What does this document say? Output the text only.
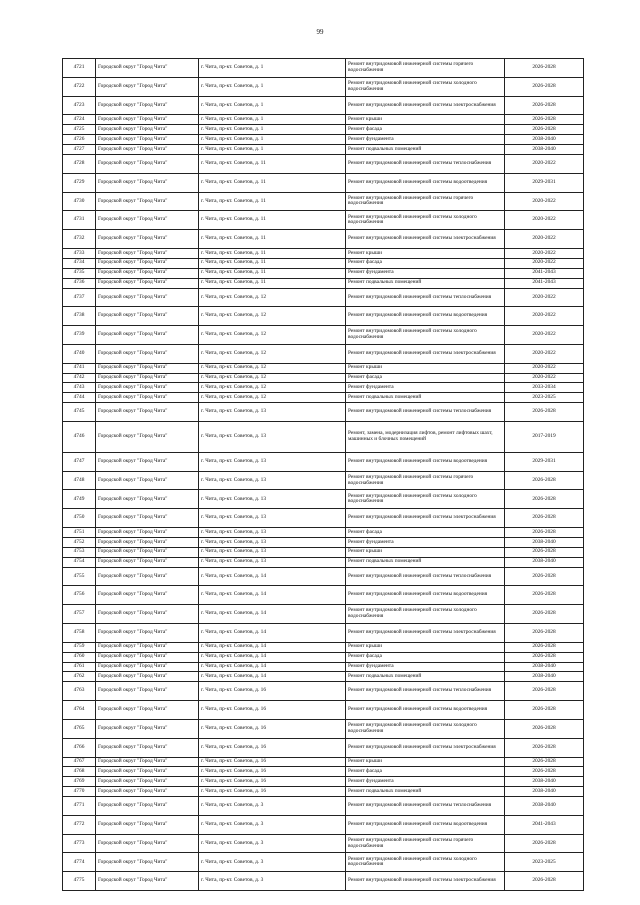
99
4721	Городской округ "Город Чита"	г. Чита, пр-кт. Советов, д. 1	Ремонт внутридомовой инженерной системы горячего водоснабжения	2026-2028
4722	Городской округ "Город Чита"	г. Чита, пр-кт. Советов, д. 1	Ремонт внутридомовой инженерной системы холодного водоснабжения	2026-2028
4723	Городской округ "Город Чита"	г. Чита, пр-кт. Советов, д. 1	Ремонт внутридомовой инженерной системы электроснабжения	2026-2028
4724	Городской округ "Город Чита"	г. Чита, пр-кт. Советов, д. 1	Ремонт крыши	2026-2028
4725	Городской округ "Город Чита"	г. Чита, пр-кт. Советов, д. 1	Ремонт фасада	2026-2028
4726	Городской округ "Город Чита"	г. Чита, пр-кт. Советов, д. 1	Ремонт фундамента	2038-2040
4727	Городской округ "Город Чита"	г. Чита, пр-кт. Советов, д. 1	Ремонт подвальных помещений	2038-2040
4728	Городской округ "Город Чита"	г. Чита, пр-кт. Советов, д. 11	Ремонт внутридомовой инженерной системы теплоснабжения	2020-2022
4729	Городской округ "Город Чита"	г. Чита, пр-кт. Советов, д. 11	Ремонт внутридомовой инженерной системы водоотведения	2029-2031
4730	Городской округ "Город Чита"	г. Чита, пр-кт. Советов, д. 11	Ремонт внутридомовой инженерной системы горячего водоснабжения	2020-2022
4731	Городской округ "Город Чита"	г. Чита, пр-кт. Советов, д. 11	Ремонт внутридомовой инженерной системы холодного водоснабжения	2020-2022
4732	Городской округ "Город Чита"	г. Чита, пр-кт. Советов, д. 11	Ремонт внутридомовой инженерной системы электроснабжения	2020-2022
4733	Городской округ "Город Чита"	г. Чита, пр-кт. Советов, д. 11	Ремонт крыши	2020-2022
4734	Городской округ "Город Чита"	г. Чита, пр-кт. Советов, д. 11	Ремонт фасада	2020-2022
4735	Городской округ "Город Чита"	г. Чита, пр-кт. Советов, д. 11	Ремонт фундамента	2041-2043
4736	Городской округ "Город Чита"	г. Чита, пр-кт. Советов, д. 11	Ремонт подвальных помещений	2041-2043
4737	Городской округ "Город Чита"	г. Чита, пр-кт. Советов, д. 12	Ремонт внутридомовой инженерной системы теплоснабжения	2020-2022
4738	Городской округ "Город Чита"	г. Чита, пр-кт. Советов, д. 12	Ремонт внутридомовой инженерной системы водоотведения	2020-2022
4739	Городской округ "Город Чита"	г. Чита, пр-кт. Советов, д. 12	Ремонт внутридомовой инженерной системы холодного водоснабжения	2020-2022
4740	Городской округ "Город Чита"	г. Чита, пр-кт. Советов, д. 12	Ремонт внутридомовой инженерной системы электроснабжения	2020-2022
4741	Городской округ "Город Чита"	г. Чита, пр-кт. Советов, д. 12	Ремонт крыши	2020-2022
4742	Городской округ "Город Чита"	г. Чита, пр-кт. Советов, д. 12	Ремонт фасада	2020-2022
4743	Городской округ "Город Чита"	г. Чита, пр-кт. Советов, д. 12	Ремонт фундамента	2033-2034
4744	Городской округ "Город Чита"	г. Чита, пр-кт. Советов, д. 12	Ремонт подвальных помещений	2023-2025
4745	Городской округ "Город Чита"	г. Чита, пр-кт. Советов, д. 13	Ремонт внутридомовой инженерной системы теплоснабжения	2026-2028
4746	Городской округ "Город Чита"	г. Чита, пр-кт. Советов, д. 13	Ремонт, замена, модернизация лифтов, ремонт лифтовых шахт, машинных и блочных помещений	2017-2019
4747	Городской округ "Город Чита"	г. Чита, пр-кт. Советов, д. 13	Ремонт внутридомовой инженерной системы водоотведения	2029-2031
4748	Городской округ "Город Чита"	г. Чита, пр-кт. Советов, д. 13	Ремонт внутридомовой инженерной системы горячего водоснабжения	2026-2028
4749	Городской округ "Город Чита"	г. Чита, пр-кт. Советов, д. 13	Ремонт внутридомовой инженерной системы холодного водоснабжения	2026-2028
4750	Городской округ "Город Чита"	г. Чита, пр-кт. Советов, д. 13	Ремонт внутридомовой инженерной системы электроснабжения	2026-2028
4751	Городской округ "Город Чита"	г. Чита, пр-кт. Советов, д. 13	Ремонт фасада	2026-2028
4752	Городской округ "Город Чита"	г. Чита, пр-кт. Советов, д. 13	Ремонт фундамента	2038-2040
4753	Городской округ "Город Чита"	г. Чита, пр-кт. Советов, д. 13	Ремонт крыши	2026-2028
4754	Городской округ "Город Чита"	г. Чита, пр-кт. Советов, д. 13	Ремонт подвальных помещений	2038-2040
4755	Городской округ "Город Чита"	г. Чита, пр-кт. Советов, д. 14	Ремонт внутридомовой инженерной системы теплоснабжения	2026-2028
4756	Городской округ "Город Чита"	г. Чита, пр-кт. Советов, д. 14	Ремонт внутридомовой инженерной системы водоотведения	2026-2028
4757	Городской округ "Город Чита"	г. Чита, пр-кт. Советов, д. 14	Ремонт внутридомовой инженерной системы холодного водоснабжения	2026-2028
4758	Городской округ "Город Чита"	г. Чита, пр-кт. Советов, д. 14	Ремонт внутридомовой инженерной системы электроснабжения	2026-2028
4759	Городской округ "Город Чита"	г. Чита, пр-кт. Советов, д. 14	Ремонт крыши	2026-2028
4760	Городской округ "Город Чита"	г. Чита, пр-кт. Советов, д. 14	Ремонт фасада	2026-2028
4761	Городской округ "Город Чита"	г. Чита, пр-кт. Советов, д. 14	Ремонт фундамента	2038-2040
4762	Городской округ "Город Чита"	г. Чита, пр-кт. Советов, д. 14	Ремонт подвальных помещений	2038-2040
4763	Городской округ "Город Чита"	г. Чита, пр-кт. Советов, д. 16	Ремонт внутридомовой инженерной системы теплоснабжения	2026-2028
4764	Городской округ "Город Чита"	г. Чита, пр-кт. Советов, д. 16	Ремонт внутридомовой инженерной системы водоотведения	2026-2028
4765	Городской округ "Город Чита"	г. Чита, пр-кт. Советов, д. 16	Ремонт внутридомовой инженерной системы холодного водоснабжения	2026-2028
4766	Городской округ "Город Чита"	г. Чита, пр-кт. Советов, д. 16	Ремонт внутридомовой инженерной системы электроснабжения	2026-2028
4767	Городской округ "Город Чита"	г. Чита, пр-кт. Советов, д. 16	Ремонт крыши	2026-2028
4768	Городской округ "Город Чита"	г. Чита, пр-кт. Советов, д. 16	Ремонт фасада	2026-2028
4769	Городской округ "Город Чита"	г. Чита, пр-кт. Советов, д. 16	Ремонт фундамента	2038-2040
4770	Городской округ "Город Чита"	г. Чита, пр-кт. Советов, д. 16	Ремонт подвальных помещений	2038-2040
4771	Городской округ "Город Чита"	г. Чита, пр-кт. Советов, д. 3	Ремонт внутридомовой инженерной системы теплоснабжения	2038-2040
4772	Городской округ "Город Чита"	г. Чита, пр-кт. Советов, д. 3	Ремонт внутридомовой инженерной системы водоотведения	2041-2043
4773	Городской округ "Город Чита"	г. Чита, пр-кт. Советов, д. 3	Ремонт внутридомовой инженерной системы горячего водоснабжения	2026-2028
4774	Городской округ "Город Чита"	г. Чита, пр-кт. Советов, д. 3	Ремонт внутридомовой инженерной системы холодного водоснабжения	2023-2025
4775	Городской округ "Город Чита"	г. Чита, пр-кт. Советов, д. 3	Ремонт внутридомовой инженерной системы электроснабжения	2026-2028
